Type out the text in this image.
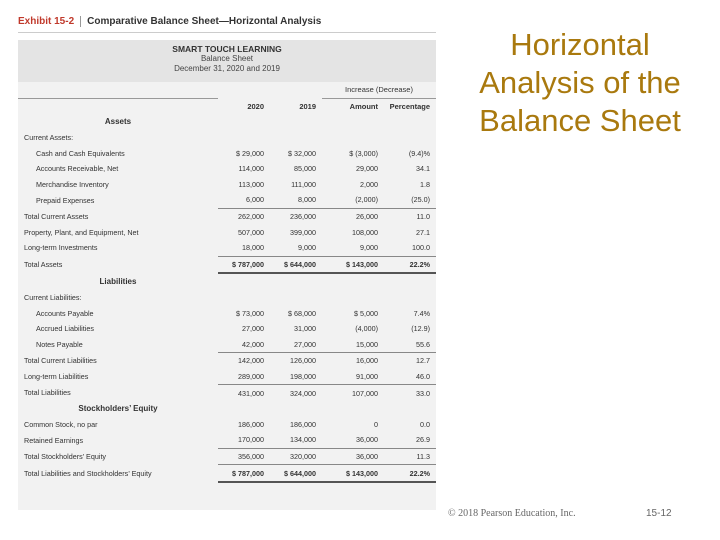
Exhibit 15-2 Comparative Balance Sheet—Horizontal Analysis
SMART TOUCH LEARNING
Balance Sheet
December 31, 2020 and 2019
			Increase (Decrease)	
	2020	2019	Amount	Percentage
Assets				
Current Assets:				
Cash and Cash Equivalents	$ 29,000	$ 32,000	$ (3,000)	(9.4)%
Accounts Receivable, Net	114,000	85,000	29,000	34.1
Merchandise Inventory	113,000	111,000	2,000	1.8
Prepaid Expenses	6,000	8,000	(2,000)	(25.0)
Total Current Assets	262,000	236,000	26,000	11.0
Property, Plant, and Equipment, Net	507,000	399,000	108,000	27.1
Long-term Investments	18,000	9,000	9,000	100.0
Total Assets	$ 787,000	$ 644,000	$ 143,000	22.2%
Liabilities				
Current Liabilities:				
Accounts Payable	$ 73,000	$ 68,000	$ 5,000	7.4%
Accrued Liabilities	27,000	31,000	(4,000)	(12.9)
Notes Payable	42,000	27,000	15,000	55.6
Total Current Liabilities	142,000	126,000	16,000	12.7
Long-term Liabilities	289,000	198,000	91,000	46.0
Total Liabilities	431,000	324,000	107,000	33.0
Stockholders’ Equity				
Common Stock, no par	186,000	186,000	0	0.0
Retained Earnings	170,000	134,000	36,000	26.9
Total Stockholders’ Equity	356,000	320,000	36,000	11.3
Total Liabilities and Stockholders’ Equity	$ 787,000	$ 644,000	$ 143,000	22.2%
Horizontal Analysis of the Balance Sheet
© 2018 Pearson Education, Inc.	15-12
